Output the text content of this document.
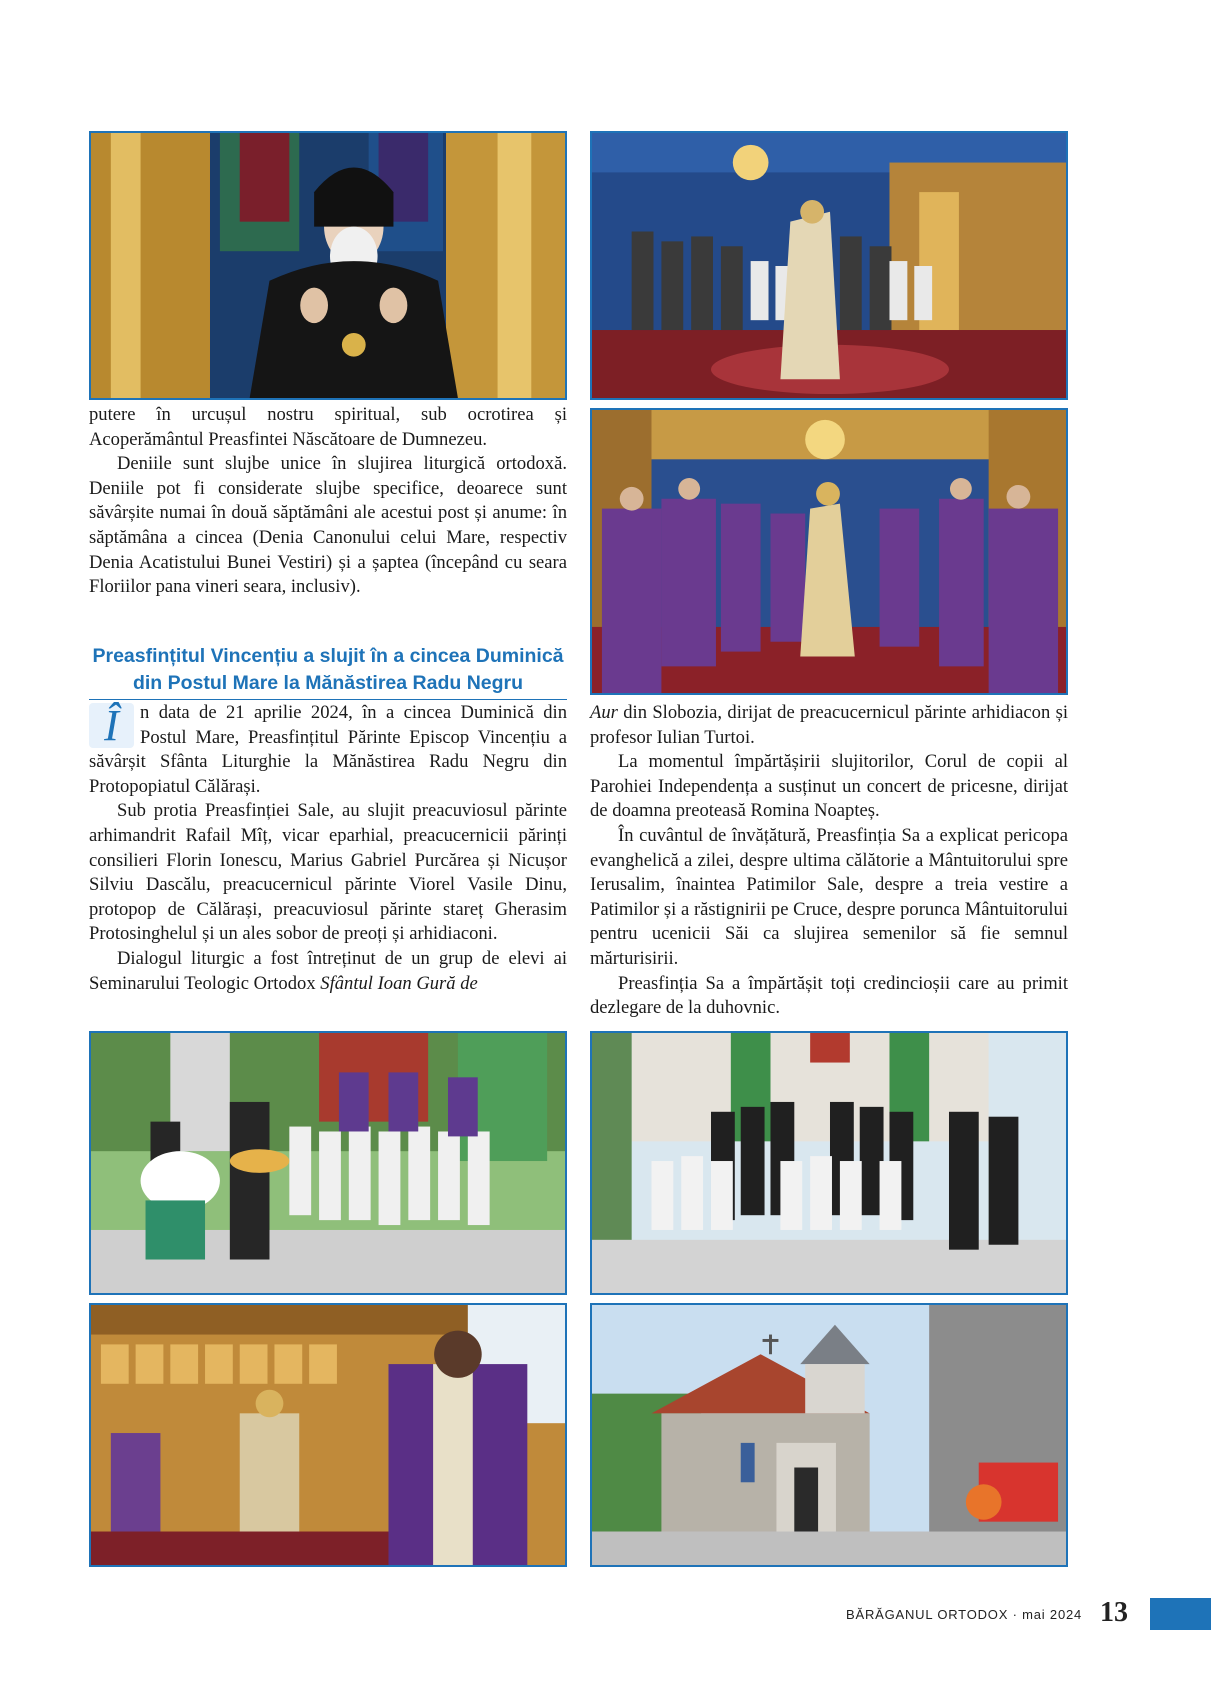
putere în urcușul nostru spiritual, sub ocrotirea și Acoperământul Preasfintei Născătoare de Dumnezeu.

Deniile sunt slujbe unice în slujirea liturgică ortodoxă. Deniile pot fi considerate slujbe specifice, deoarece sunt săvârșite numai în două săptămâni ale acestui post și anume: în săptămâna a cincea (Denia Canonului celui Mare, respectiv Denia Acatistului Bunei Vestiri) și a șaptea (începând cu seara Floriilor pana vineri seara, inclusiv).

Preasfințitul Vincențiu a slujit în a cincea Duminică din Postul Mare la Mănăstirea Radu Negru

Î	n data de 21 aprilie 2024, în a cincea Duminică din Postul Mare, Preasfințitul Părinte Episcop Vincențiu a săvârșit Sfânta Liturghie la Mănăstirea Radu Negru din Protopopiatul Călărași.

Sub protia Preasfinției Sale, au slujit preacuviosul părinte arhimandrit Rafail Mîț, vicar eparhial, preacucernicii părinți consilieri Florin Ionescu, Marius Gabriel Purcărea și Nicușor Silviu Dascălu, preacucernicul părinte Viorel Vasile Dinu, protopop de Călărași, preacuviosul părinte stareț Gherasim Protosinghelul și un ales sobor de preoți și arhidiaconi.

Dialogul liturgic a fost întreținut de un grup de elevi ai Seminarului Teologic Ortodox Sfântul Ioan Gură de

Aur din Slobozia, dirijat de preacucernicul părinte arhidiacon și profesor Iulian Turtoi.

La momentul împărtășirii slujitorilor, Corul de copii al Parohiei Independența a susținut un concert de pricesne, dirijat de doamna preoteasă Romina Noapteș.

În cuvântul de învățătură, Preasfinția Sa a explicat pericopa evanghelică a zilei, despre ultima călătorie a Mântuitorului spre Ierusalim, înaintea Patimilor Sale, despre a treia vestire a Patimilor și a răstignirii pe Cruce, despre porunca Mântuitorului pentru ucenicii Săi ca slujirea semenilor să fie semnul mărturisirii.

Preasfinția Sa a împărtășit toți credincioșii care au primit dezlegare de la duhovnic.

BĂRĂGANUL ORTODOX · mai 2024 13
